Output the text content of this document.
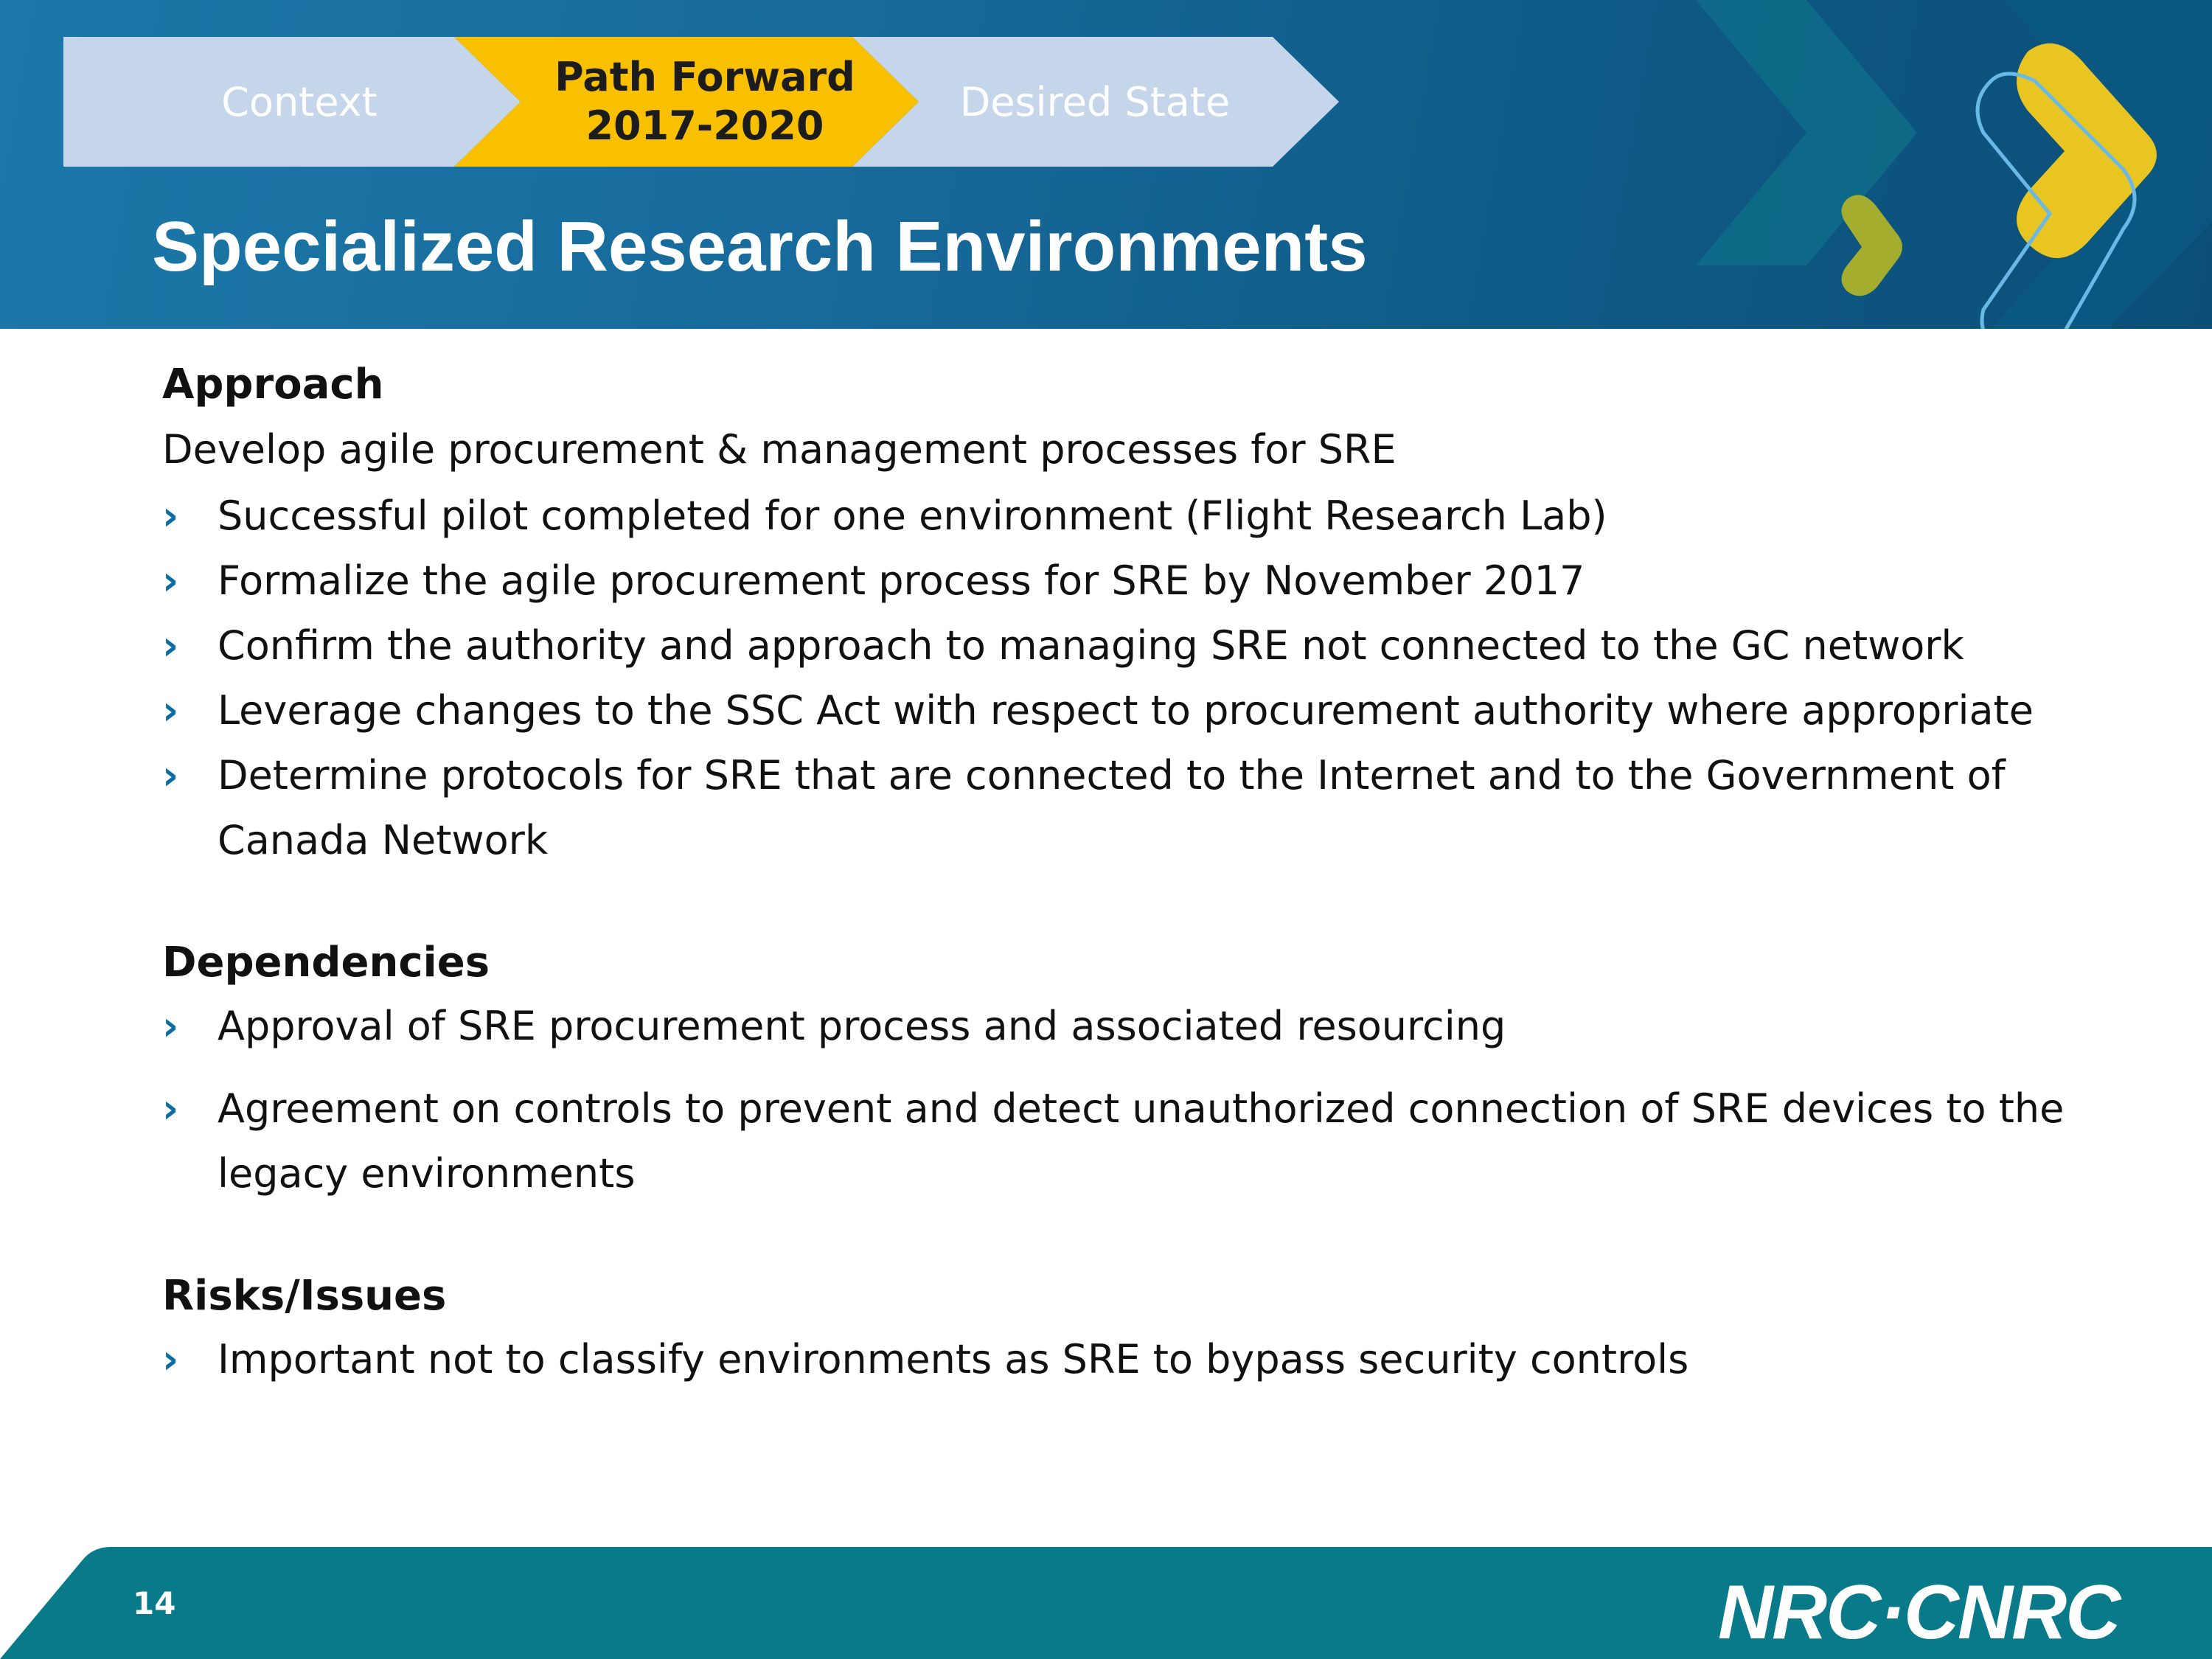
Context
Path Forward
2017-2020
Desired State
Specialized Research Environments

Approach

Develop agile procurement & management processes for SRE

› Successful pilot completed for one environment (Flight Research Lab)
› Formalize the agile procurement process for SRE by November 2017
› Confirm the authority and approach to managing SRE not connected to the GC network
› Leverage changes to the SSC Act with respect to procurement authority where appropriate
› Determine protocols for SRE that are connected to the Internet and to the Government of Canada Network

Dependencies

› Approval of SRE procurement process and associated resourcing
› Agreement on controls to prevent and detect unauthorized connection of SRE devices to the legacy environments

Risks/Issues

› Important not to classify environments as SRE to bypass security controls
14	NRC·CNRC
